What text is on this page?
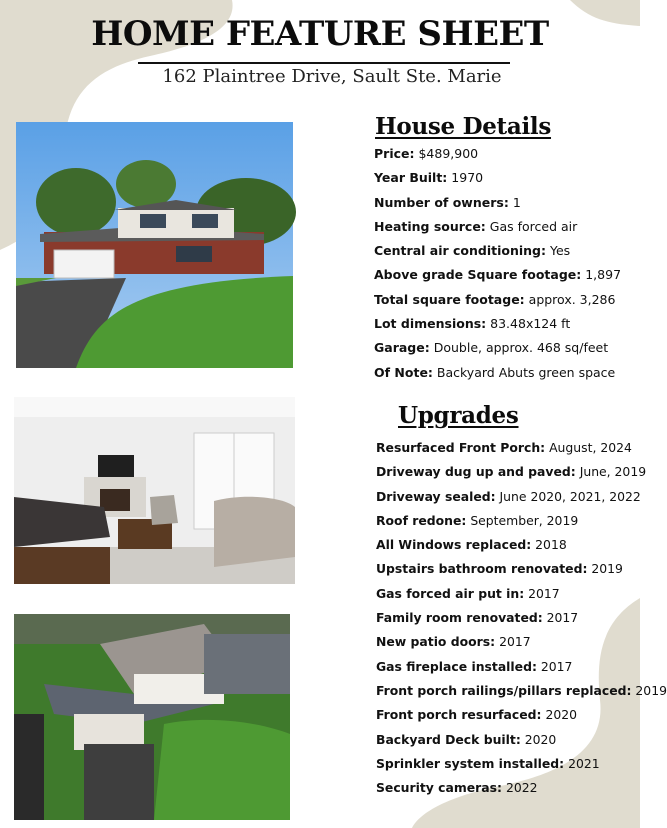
HOME FEATURE SHEET
162 Plaintree Drive, Sault Ste. Marie
House Details
Price: $489,900
Year Built: 1970
Number of owners: 1
Heating source: Gas forced air
Central air conditioning: Yes
Above grade Square footage: 1,897
Total square footage: approx. 3,286
Lot dimensions: 83.48x124 ft
Garage: Double, approx. 468 sq/feet
Of Note: Backyard Abuts green space
Upgrades
Resurfaced Front Porch: August, 2024
Driveway dug up and paved: June, 2019
Driveway sealed: June 2020, 2021, 2022
Roof redone: September, 2019
All Windows replaced: 2018
Upstairs bathroom renovated: 2019
Gas forced air put in: 2017
Family room renovated: 2017
New patio doors: 2017
Gas fireplace installed: 2017
Front porch railings/pillars replaced: 2019
Front porch resurfaced: 2020
Backyard Deck built: 2020
Sprinkler system installed: 2021
Security cameras: 2022
